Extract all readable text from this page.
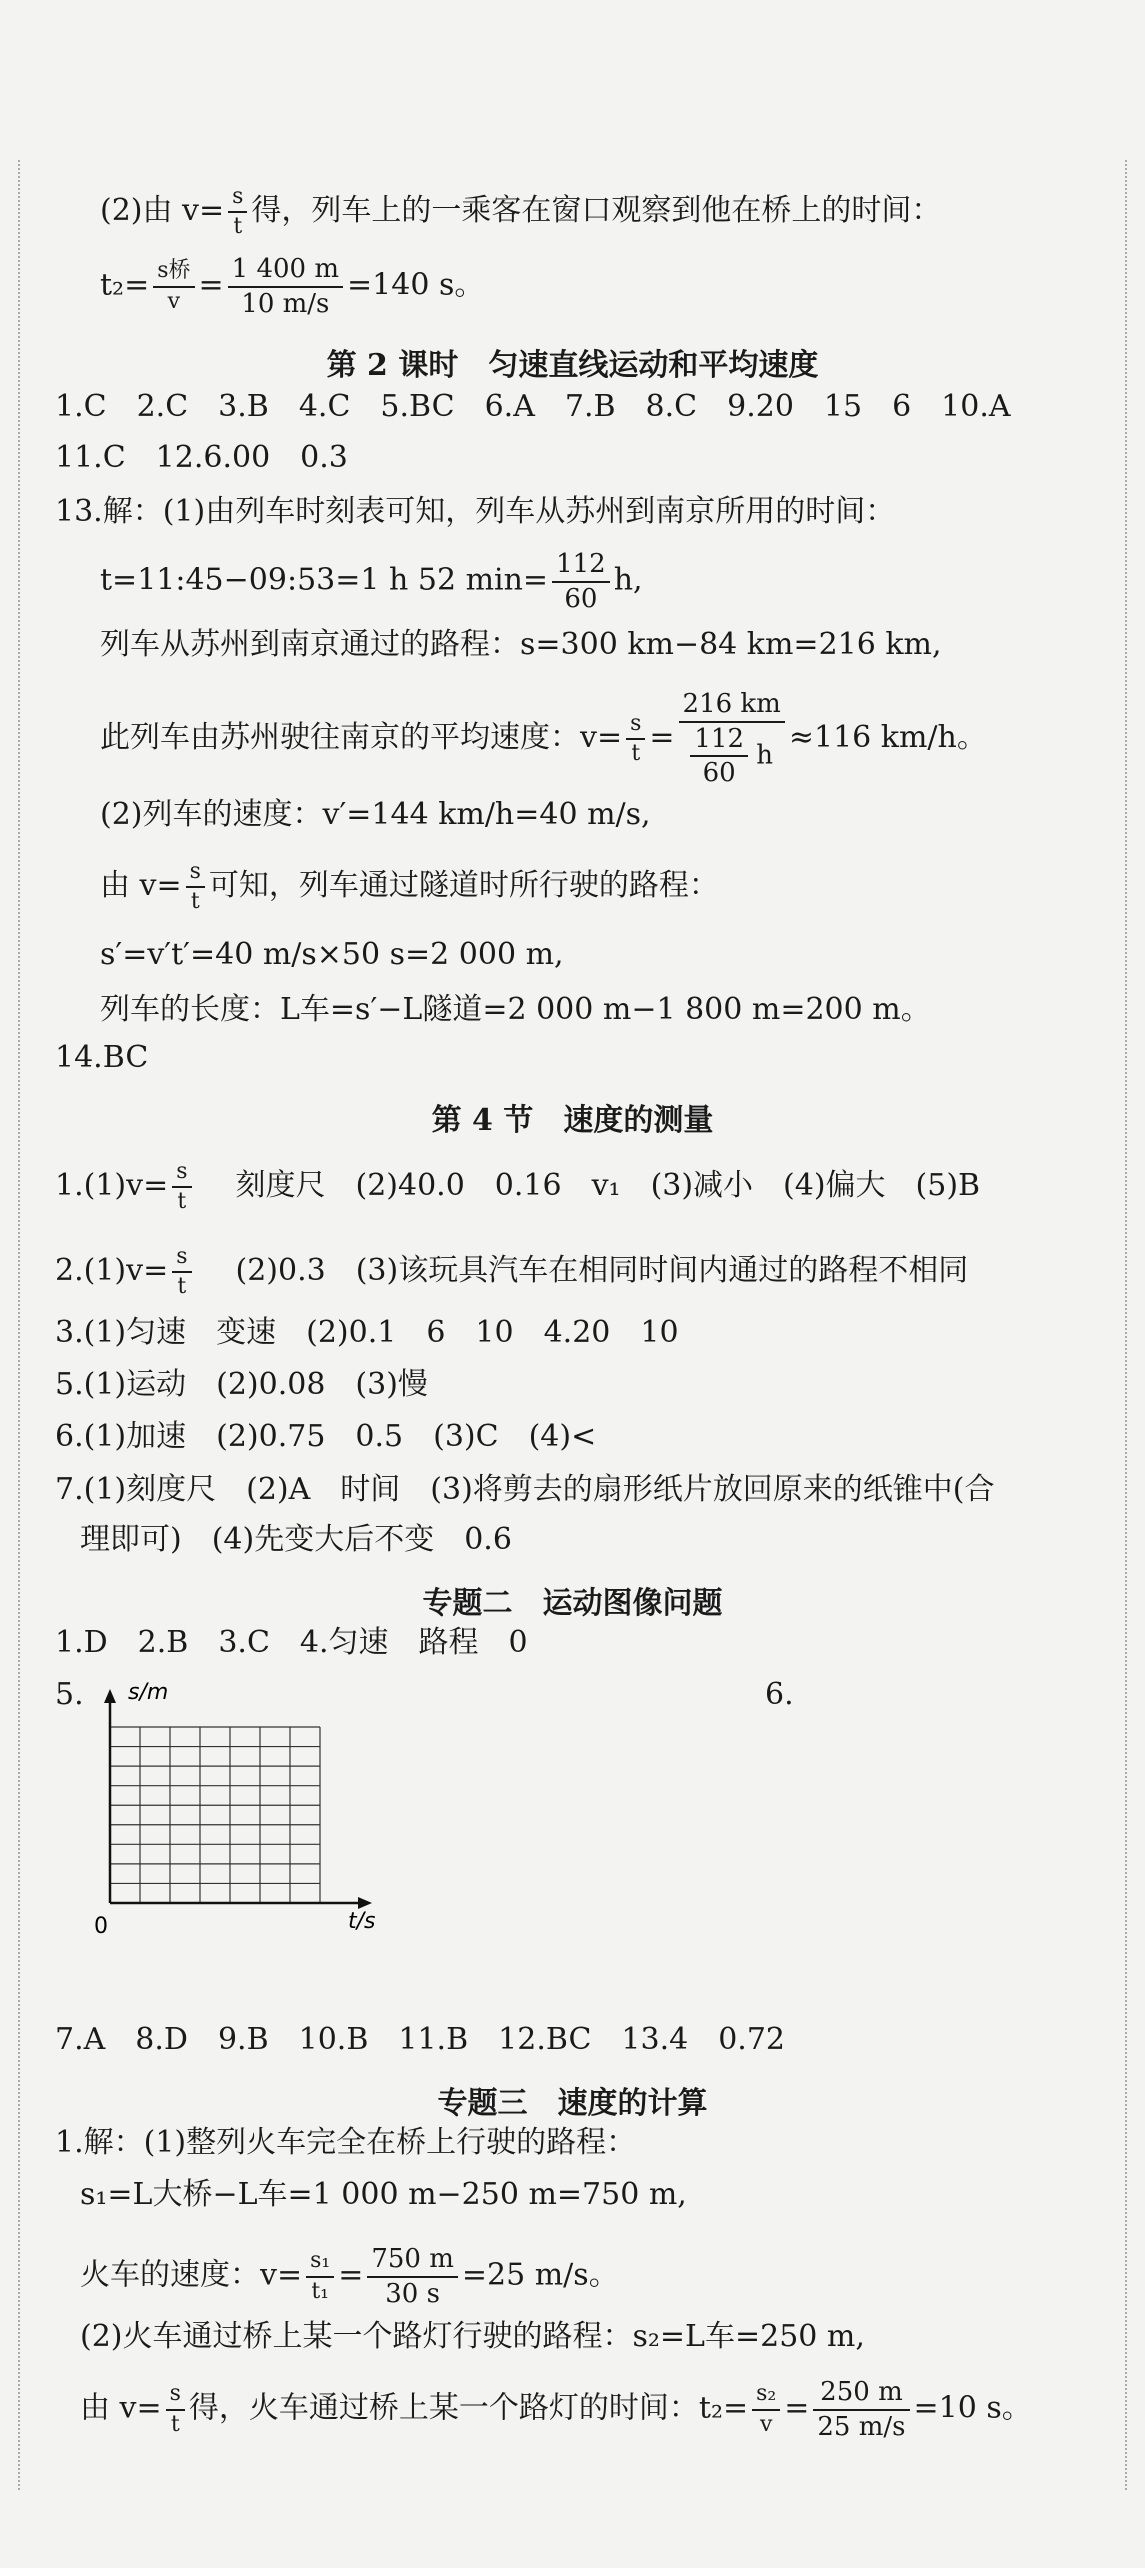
(2)由 $v= \frac{s}{t}$ 得，列车上的一乘客在窗口观察到他在桥上的时间：
t₂= s桥
$v = \frac{1 400 m}{10 m/s} =140$ s。
第 2 课时　匀速直线运动和平均速度
1.C　2.C　3.B　4.C　5.BC　6.A　7.B　8.C　9.20　15　6　10.A
11.C　12.6.00　0.3
13.解：(1)由列车时刻表可知，列车从苏州到南京所用的时间：
t=11:45−09:53=1 h 52 $\min= \frac{112}{60} h$,
列车从苏州到南京通过的路程：s=300 km−84 km=216 km,
此列车由苏州驶往南京的平均速度：$v= \frac{s}{t} = \frac{216 km}{\frac{112}{60} h} \approx 116$ km/h。
(2)列车的速度：v′=144 km/h=40 m/s,
由 $v= \frac{s}{t}$ 可知，列车通过隧道时所行驶的路程：
s′=v′t′=40 m/s×50 s=2 000 m,
列车的长度：L车=s′−L隧道=2 000 m−1 800 m=200 m。
14.BC
第 4 节　速度的测量
$1.(1)v= \frac{s}{t}$ 刻度尺　(2)40.0　0.16　v₁　(3)减小　(4)偏大　(5)B
$2.(1)v= \frac{s}{t} (2)0.3$　(3)该玩具汽车在相同时间内通过的路程不相同
3.(1)匀速　变速　(2)0.1　6　10　4.20　10
5.(1)运动　(2)0.08　(3)慢
6.(1)加速　(2)0.75　0.5　(3)C　(4)<
7.(1)刻度尺　(2)A　时间　(3)将剪去的扇形纸片放回原来的纸锥中(合
理即可)　(4)先变大后不变　0.6
专题二　运动图像问题
1.D　2.B　3.C　4.匀速　路程　0
5.	6.
s/m
t/s
0
7.A　8.D　9.B　10.B　11.B　12.BC　13.4　0.72
专题三　速度的计算
1.解：(1)整列火车完全在桥上行驶的路程：
s₁=L大桥−L车=1 000 m−250 m=750 m,
火车的速度：$v= \frac{\text{s₁}}{\text{t₁}} = \frac{750 m}{30 s} =25$ m/s。
(2)火车通过桥上某一个路灯行驶的路程：s₂=L车=250 m,
由 $v= \frac{s}{t}$ 得，火车通过桥上某一个路灯的时间：$t_2= \frac{\text{s₂}}{v} = \frac{250 m}{25 m/s} =10$ s。
